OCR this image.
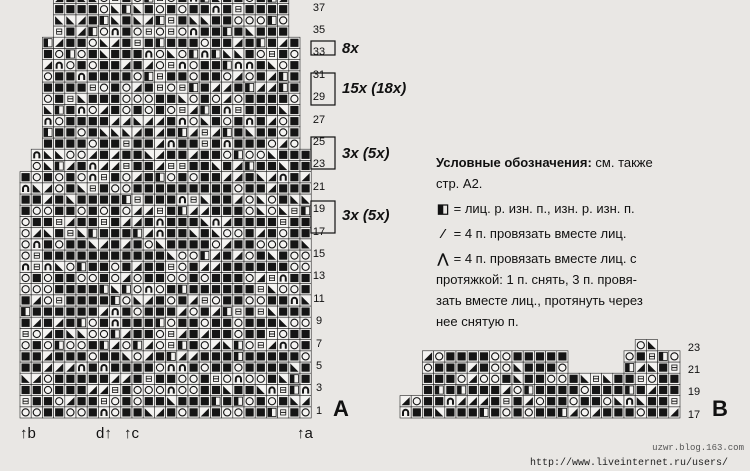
37
35
33
31
29
27
25
23
21
19
17
15
13
11
9
7
5
3
1
8x
15x (18x)
3x (5x)
3x (5x)
A
↑b	d↑ ↑c	↑a
Условные обозначения: см. также
стр. А2.
◧ = лиц. р. изн. п., изн. р. изн. п.
⁄ = 4 п. провязать вместе лиц.
⋀ = 4 п. провязать вместе лиц. с
протяжкой: 1 п. снять, 3 п. провя-
зать вместе лиц., протянуть через
нее снятую п.
23
21
19
17 B
uzwr.blog.163.com
http://www.liveinternet.ru/users/
